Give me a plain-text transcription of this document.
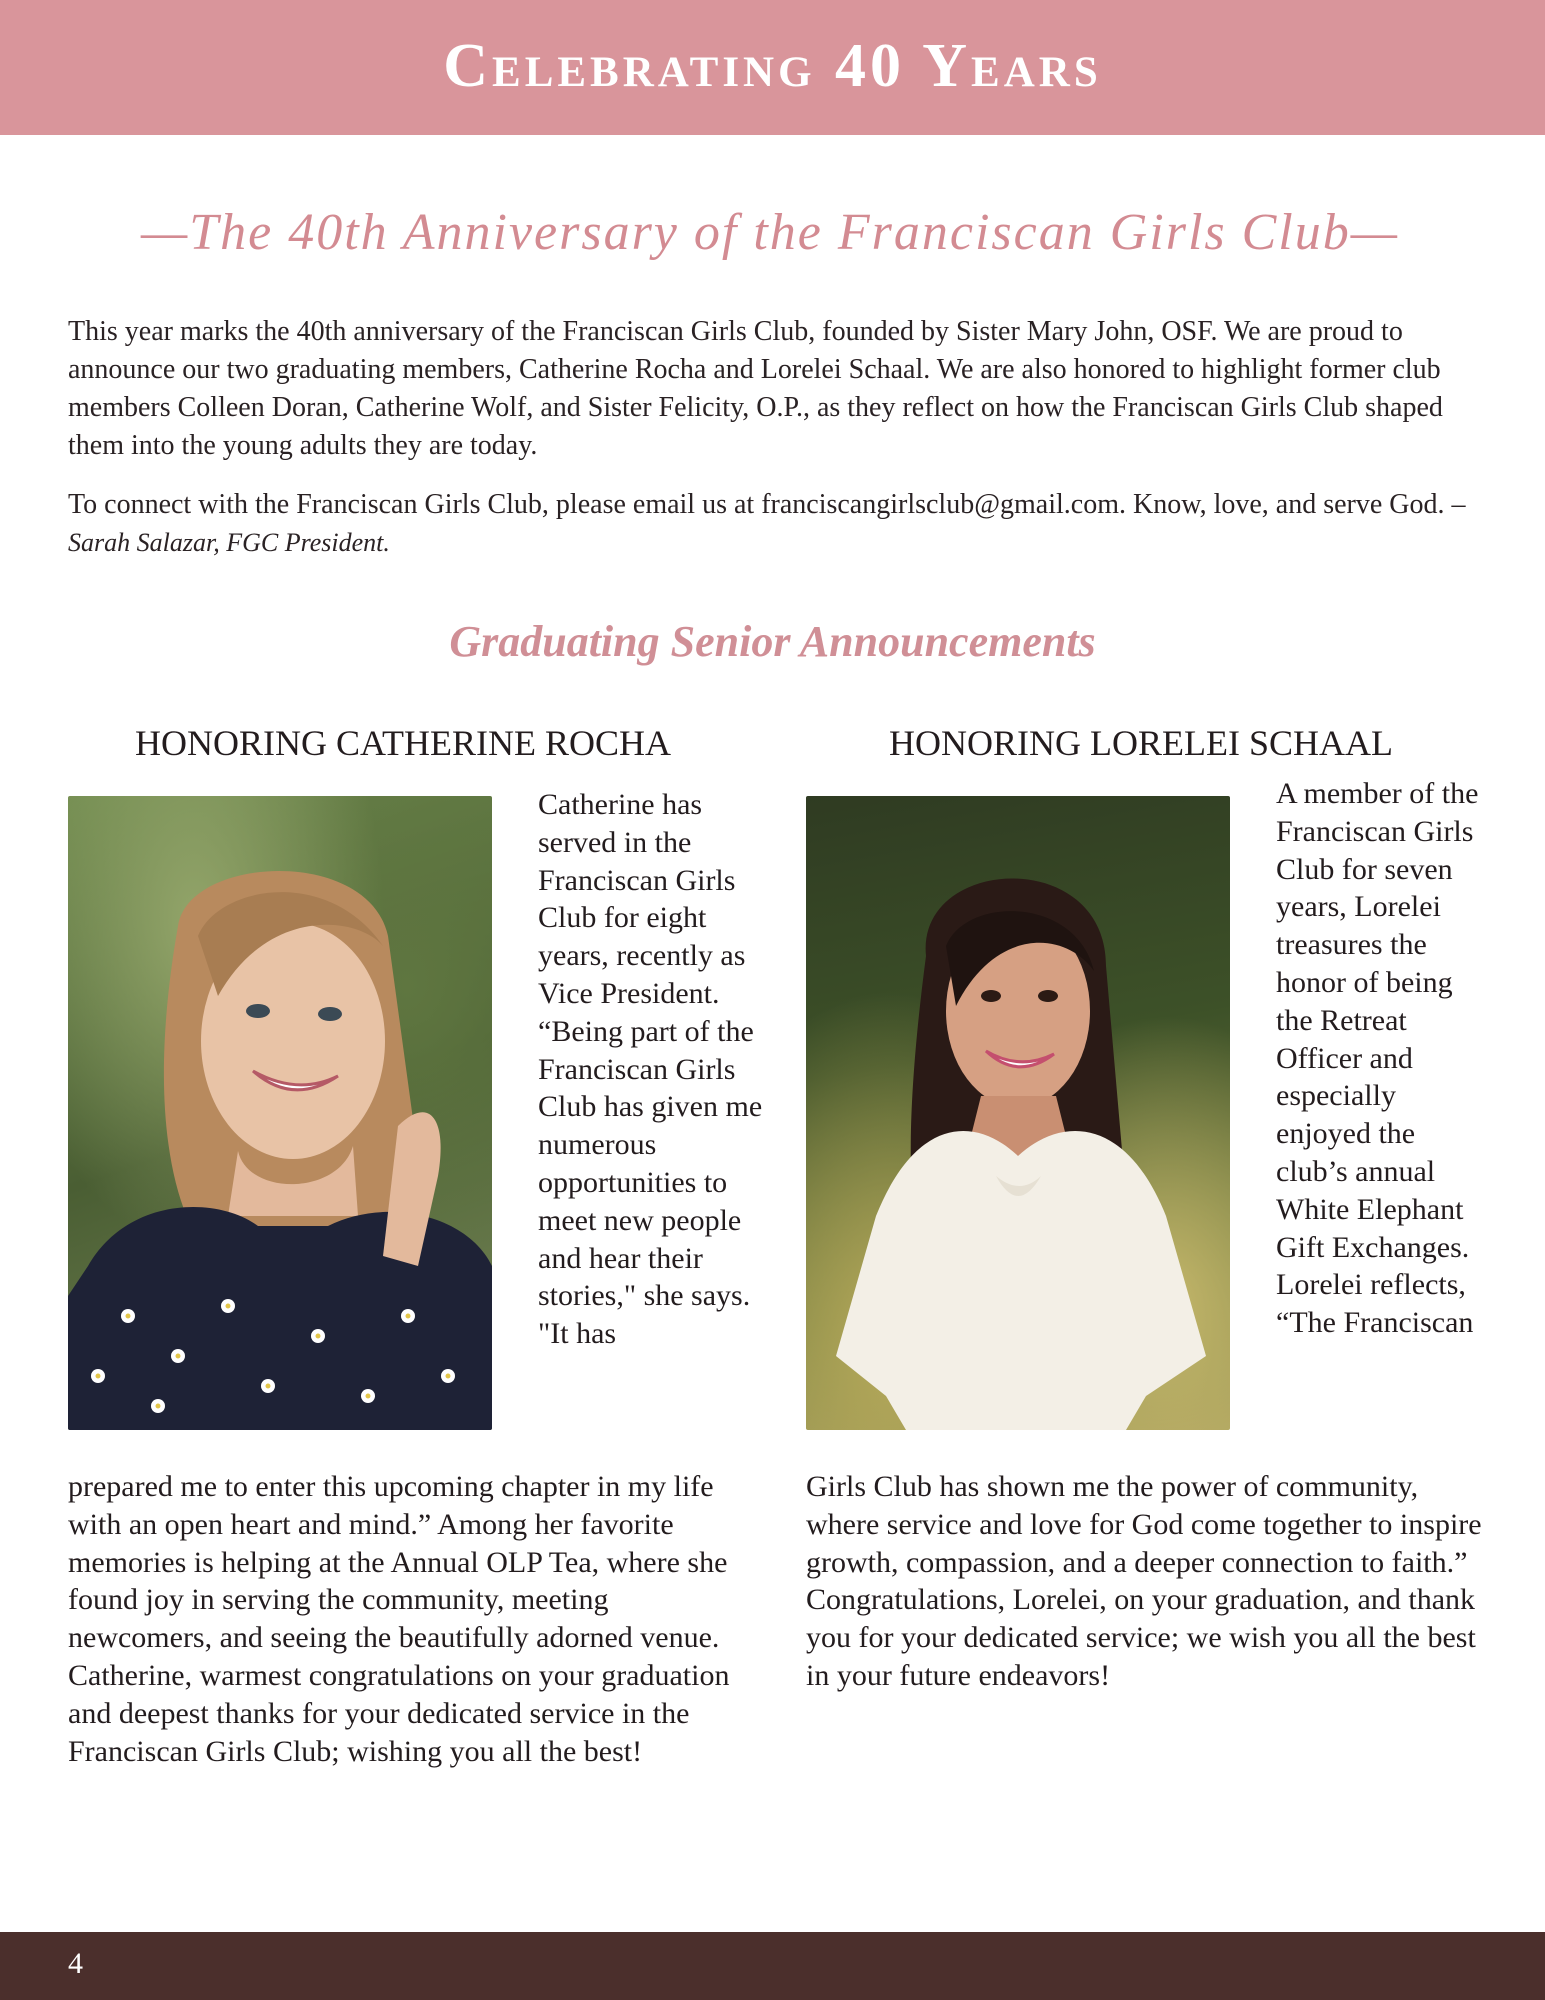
Celebrating 40 Years
—The 40th Anniversary of the Franciscan Girls Club—

This year marks the 40th anniversary of the Franciscan Girls Club, founded by Sister Mary John, OSF. We are proud to announce our two graduating members, Catherine Rocha and Lorelei Schaal. We are also honored to highlight former club members Colleen Doran, Catherine Wolf, and Sister Felicity, O.P., as they reflect on how the Franciscan Girls Club shaped them into the young adults they are today.

To connect with the Franciscan Girls Club, please email us at franciscangirlsclub@gmail.com. Know, love, and serve God. – Sarah Salazar, FGC President.

Graduating Senior Announcements
HONORING CATHERINE ROCHA	HONORING LORELEI SCHAAL

Catherine has served in the Franciscan Girls Club for eight years, recently as Vice President. “Being part of the Franciscan Girls Club has given me numerous opportunities to meet new people and hear their stories," she says. "It has

prepared me to enter this upcoming chapter in my life with an open heart and mind.” Among her favorite memories is helping at the Annual OLP Tea, where she found joy in serving the community, meeting newcomers, and seeing the beautifully adorned venue. Catherine, warmest congratulations on your graduation and deepest thanks for your dedicated service in the Franciscan Girls Club; wishing you all the best!

A member of the Franciscan Girls Club for seven years, Lorelei treasures the honor of being the Retreat Officer and especially enjoyed the club’s annual White Elephant Gift Exchanges. Lorelei reflects, “The Franciscan

Girls Club has shown me the power of community, where service and love for God come together to inspire growth, compassion, and a deeper connection to faith.” Congratulations, Lorelei, on your graduation, and thank you for your dedicated service; we wish you all the best in your future endeavors!

4
